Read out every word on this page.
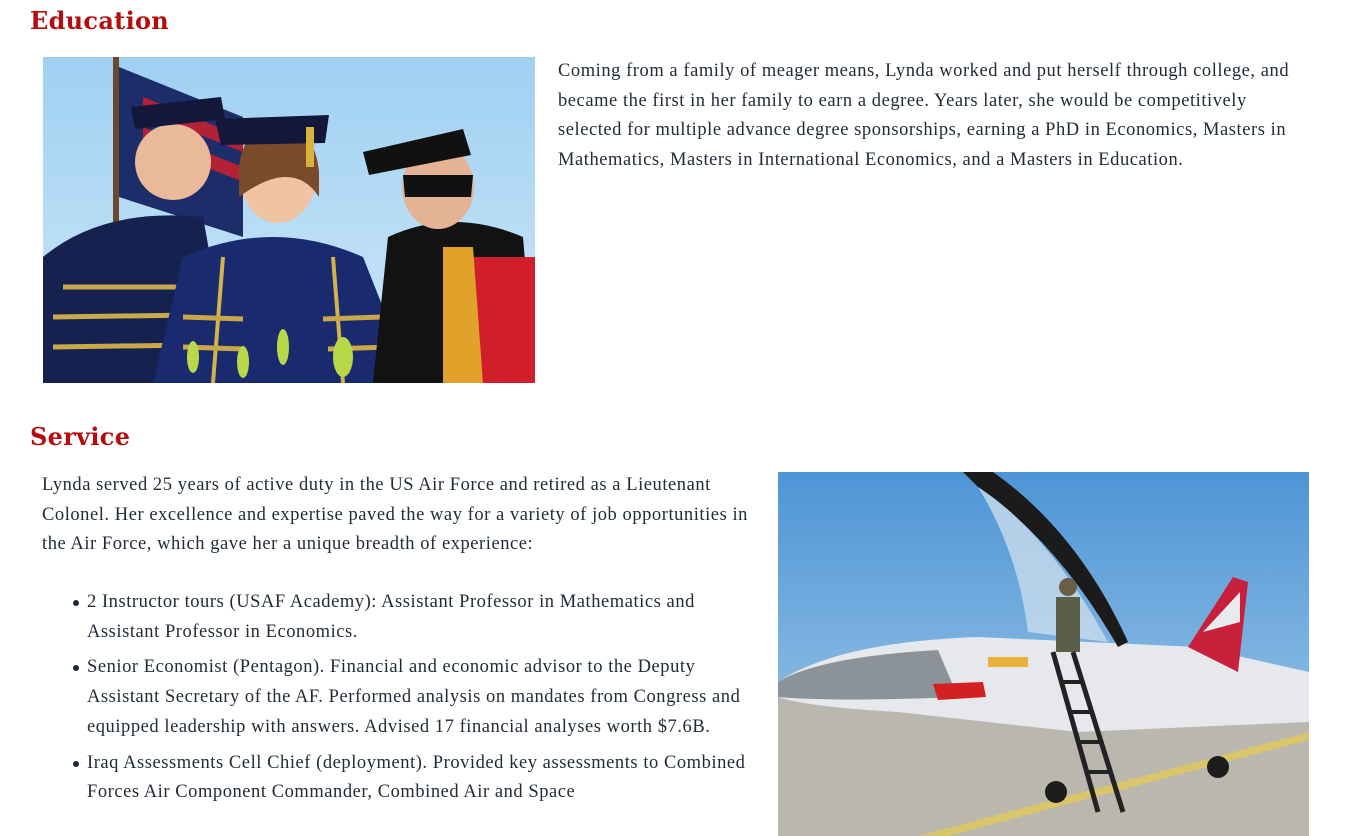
Education

Coming from a family of meager means, Lynda worked and put herself through college, and became the first in her family to earn a degree. Years later, she would be competitively selected for multiple advance degree sponsorships, earning a PhD in Economics, Masters in Mathematics, Masters in International Economics, and a Masters in Education.

Service

Lynda served 25 years of active duty in the US Air Force and retired as a Lieutenant Colonel. Her excellence and expertise paved the way for a variety of job opportunities in the Air Force, which gave her a unique breadth of experience:

2 Instructor tours (USAF Academy): Assistant Professor in Mathematics and Assistant Professor in Economics.
Senior Economist (Pentagon). Financial and economic advisor to the Deputy Assistant Secretary of the AF. Performed analysis on mandates from Congress and equipped leadership with answers. Advised 17 financial analyses worth $7.6B.
Iraq Assessments Cell Chief (deployment). Provided key assessments to Combined Forces Air Component Commander, Combined Air and Space
